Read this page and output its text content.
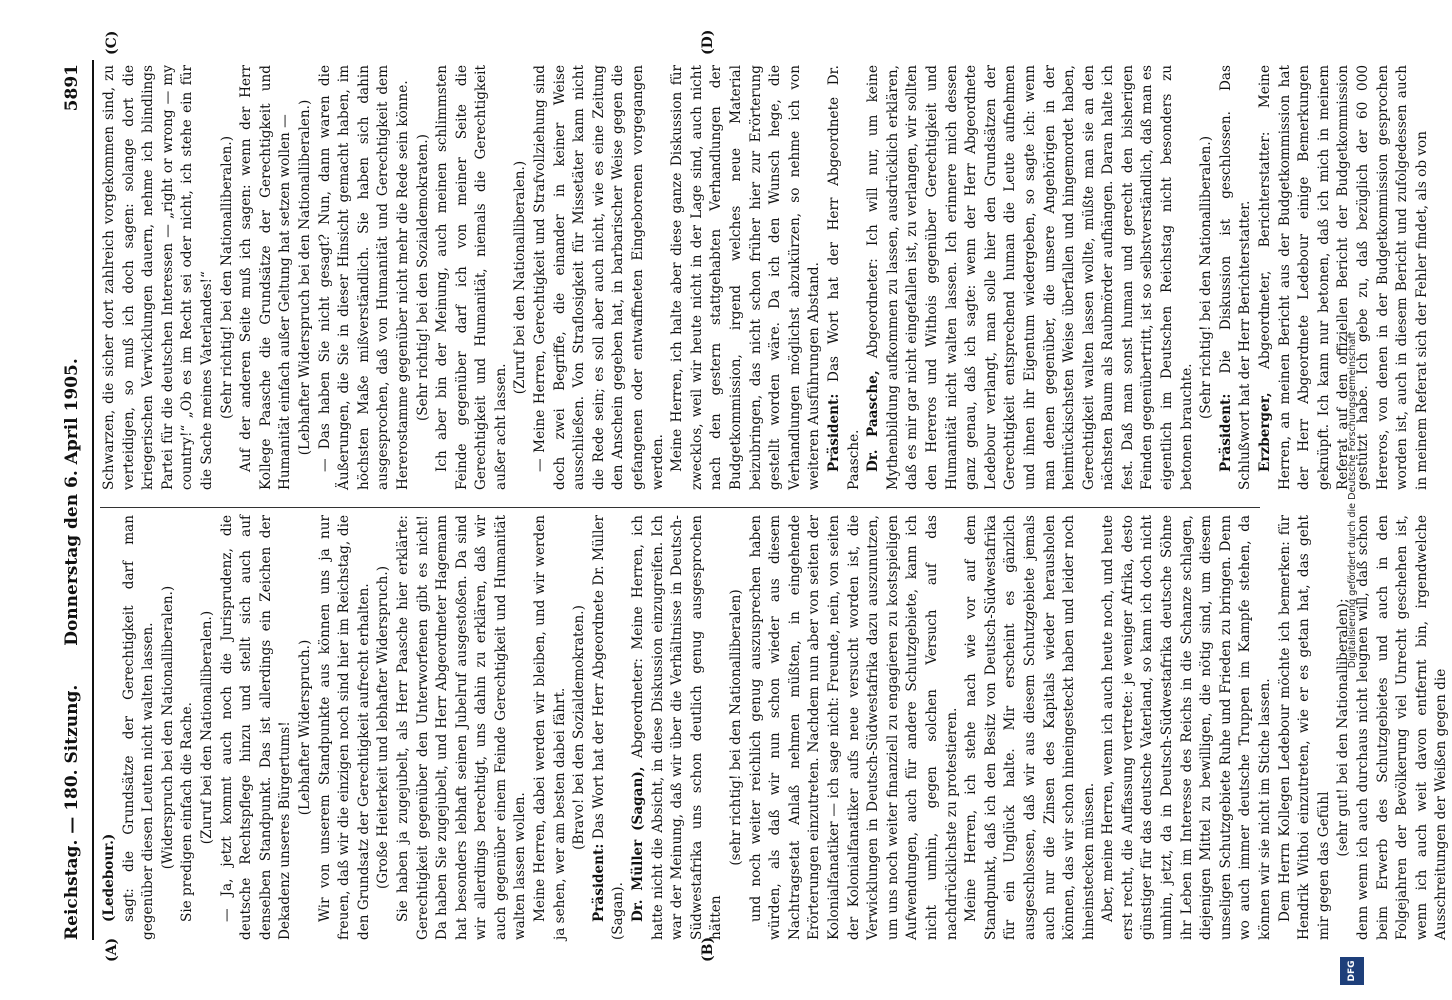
Reichstag. — 180. Sitzung.
Donnerstag den 6. April 1905.
5891
(A)	(B)
(C)	(D)

(Ledebour.) sagt: die Grundsätze der Gerechtigkeit darf man gegenüber diesen Leuten nicht walten lassen. (Widerspruch bei den Nationalliberalen.) Sie predigen einfach die Rache. (Zuruf bei den Nationalliberalen.) — Ja, jetzt kommt auch noch die Jurisprudenz, die deutsche Rechtspflege hinzu und stellt sich auch auf denselben Standpunkt. Das ist allerdings ein Zeichen der Dekadenz unseres Bürgertums! (Lebhafter Widerspruch.) Wir von unserem Standpunkte aus können uns ja nur freuen, daß wir die einzigen noch sind hier im Reichstag, die den Grundsatz der Gerechtigkeit aufrecht erhalten. (Große Heiterkeit und lebhafter Widerspruch.) Sie haben ja zugejubelt, als Herr Paasche hier erklärte: Gerechtigkeit gegenüber den Unterworfenen gibt es nicht! Da haben Sie zugejubelt, und Herr Abgeordneter Hagemann hat besonders lebhaft seinen Jubelruf ausgestoßen. Da sind wir allerdings berechtigt, uns dahin zu erklären, daß wir auch gegenüber einem Feinde Gerechtigkeit und Humanität walten lassen wollen. Meine Herren, dabei werden wir bleiben, und wir werden ja sehen, wer am besten dabei fährt. (Bravo! bei den Sozialdemokraten.)

Präsident: Das Wort hat der Herr Abgeordnete Dr. Müller (Sagan). Dr. Müller (Sagan), Abgeordneter: Meine Herren, ich hatte nicht die Absicht, in diese Diskussion einzugreifen. Ich war der Meinung, daß wir über die Verhältnisse in Deutsch-Südwestafrika uns schon deutlich genug ausgesprochen hätten

(sehr richtig! bei den Nationalliberalen) und noch weiter reichlich genug auszusprechen haben würden, als daß wir nun schon wieder aus diesem Nachtragsetat Anlaß nehmen müßten, in eingehende Erörterungen einzutreten. Nachdem nun aber von seiten der Kolonialfanatiker — ich sage nicht: Freunde, nein, von seiten der Kolonialfanatiker aufs neue versucht worden ist, die Verwicklungen in Deutsch-Südwestafrika dazu auszunutzen, um uns noch weiter finanziell zu engagieren zu kostspieligen Aufwendungen, auch für andere Schutzgebiete, kann ich nicht umhin, gegen solchen Versuch auf das nachdrücklichste zu protestieren. Meine Herren, ich stehe nach wie vor auf dem Standpunkt, daß ich den Besitz von Deutsch-Südwestafrika für ein Unglück halte. Mir erscheint es gänzlich ausgeschlossen, daß wir aus diesem Schutzgebiete jemals auch nur die Zinsen des Kapitals wieder herausholen können, das wir schon hineingesteckt haben und leider noch hineinstecken müssen. Aber, meine Herren, wenn ich auch heute noch, und heute erst recht, die Auffassung vertrete: je weniger Afrika, desto günstiger für das deutsche Vaterland, so kann ich doch nicht umhin, jetzt, da in Deutsch-Südwestafrika deutsche Söhne ihr Leben im Interesse des Reichs in die Schanze schlagen, diejenigen Mittel zu bewilligen, die nötig sind, um diesem unseligen Schutzgebiete Ruhe und Frieden zu bringen. Denn wo auch immer deutsche Truppen im Kampfe stehen, da können wir sie nicht im Stiche lassen. Dem Herrn Kollegen Ledebour möchte ich bemerken: für Hendrik Withoi einzutreten, wie er es getan hat, das geht mir gegen das Gefühl

(sehr gut! bei den Nationalliberalen); denn wenn ich auch durchaus nicht leugnen will, daß schon beim Erwerb des Schutzgebietes und auch in den Folgejahren der Bevölkerung viel Unrecht geschehen ist, wenn ich auch weit davon entfernt bin, irgendwelche Ausschreitungen der Weißen gegen die

Schwarzen, die sicher dort zahlreich vorgekommen sind, zu verteidigen, so muß ich doch sagen: solange dort die kriegerischen Verwicklungen dauern, nehme ich blindlings Partei für die deutschen Interessen — „right or wrong — my country!“ „Ob es im Recht sei oder nicht, ich stehe ein für die Sache meines Vaterlandes!“ (Sehr richtig! bei den Nationalliberalen.) Auf der anderen Seite muß ich sagen: wenn der Herr Kollege Paasche die Grundsätze der Gerechtigkeit und Humanität einfach außer Geltung hat setzen wollen — (Lebhafter Widerspruch bei den Nationalliberalen.) — Das haben Sie nicht gesagt? Nun, dann waren die Äußerungen, die Sie in dieser Hinsicht gemacht haben, im höchsten Maße mißverständlich. Sie haben sich dahin ausgesprochen, daß von Humanität und Gerechtigkeit dem Hererostamme gegenüber nicht mehr die Rede sein könne. (Sehr richtig! bei den Sozialdemokraten.) Ich aber bin der Meinung, auch meinen schlimmsten Feinde gegenüber darf ich von meiner Seite die Gerechtigkeit und Humanität, niemals die Gerechtigkeit außer acht lassen.

(Zuruf bei den Nationalliberalen.) — Meine Herren, Gerechtigkeit und Strafvollziehung sind doch zwei Begriffe, die einander in keiner Weise ausschließen. Von Straflosigkeit für Missetäter kann nicht die Rede sein; es soll aber auch nicht, wie es eine Zeitung den Anschein gegeben hat, in barbarischer Weise gegen die gefangenen oder entwaffneten Eingeborenen vorgegangen werden. Meine Herren, ich halte aber diese ganze Diskussion für zwecklos, weil wir heute nicht in der Lage sind, auch nicht nach den gestern stattgehabten Verhandlungen der Budgetkommission, irgend welches neue Material beizubringen, das nicht schon früher hier zur Erörterung gestellt worden wäre. Da ich den Wunsch hege, die Verhandlungen möglichst abzukürzen, so nehme ich von weiteren Ausführungen Abstand. Präsident: Das Wort hat der Herr Abgeordnete Dr. Paasche. Dr. Paasche, Abgeordneter: Ich will nur, um keine Mythenbildung aufkommen zu lassen, ausdrücklich erklären, daß es mir gar nicht eingefallen ist, zu verlangen, wir sollten den Hereros und Withois gegenüber Gerechtigkeit und Humanität nicht walten lassen. Ich erinnere mich dessen ganz genau, daß ich sagte: wenn der Herr Abgeordnete Ledebour verlangt, man solle hier den Grundsätzen der Gerechtigkeit entsprechend human die Leute aufnehmen und ihnen ihr Eigentum wiedergeben, so sagte ich: wenn man denen gegenüber, die unsere Angehörigen in der heimtückischsten Weise überfallen und hingemordet haben, Gerechtigkeit walten lassen wollte, müßte man sie an den nächsten Baum als Raubmörder aufhängen. Daran halte ich fest. Daß man sonst human und gerecht den bisherigen Feinden gegenübertritt, ist so selbstverständlich, daß man es eigentlich im Deutschen Reichstag nicht besonders zu betonen brauchte.

(Sehr richtig! bei den Nationalliberalen.)

Präsident: Die Diskussion ist geschlossen. Das Schlußwort hat der Herr Berichterstatter. Erzberger, Abgeordneter, Berichterstatter: Meine Herren, an meinen Bericht aus der Budgetkommission hat der Herr Abgeordnete Ledebour einige Bemerkungen geknüpft. Ich kann nur betonen, daß ich mich in meinem Referat auf den offiziellen Bericht der Budgetkommission gestützt habe. Ich gebe zu, daß bezüglich der 60 000 Hereros, von denen in der Budgetkommission gesprochen worden ist, auch in diesem Bericht und zufolgedessen auch in meinem Referat sich der Fehler findet, als ob von

DFG
Digitalisierung gefördert durch die Deutsche Forschungsgemeinschaft
